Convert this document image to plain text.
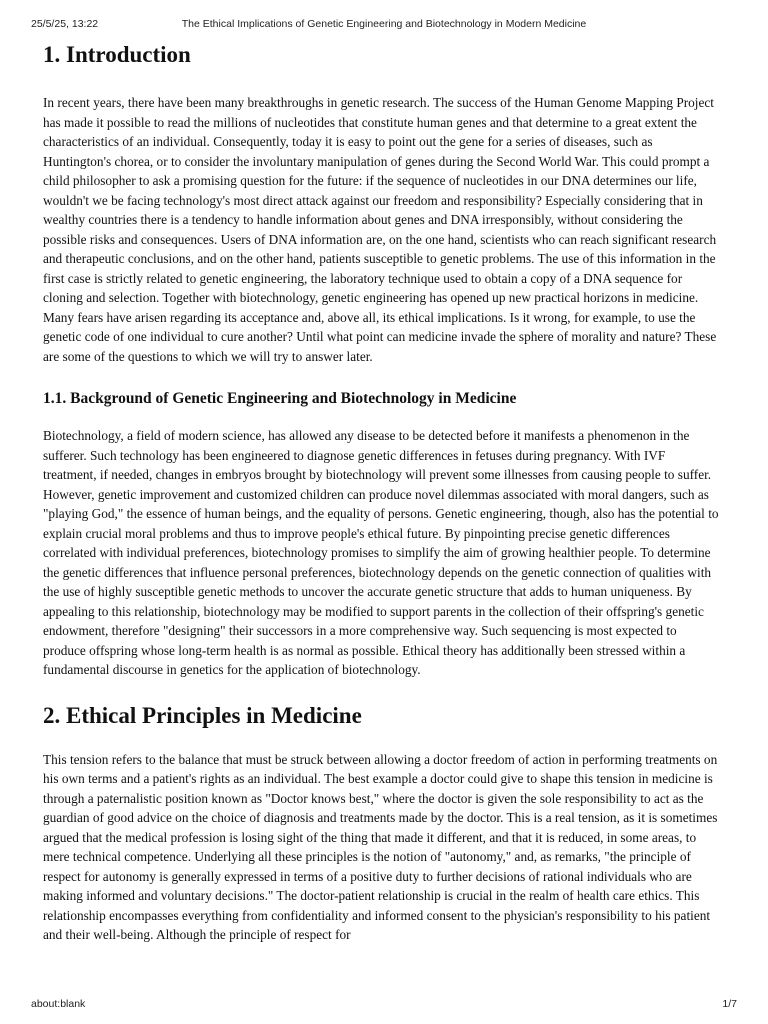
25/5/25, 13:22	The Ethical Implications of Genetic Engineering and Biotechnology in Modern Medicine
1. Introduction

In recent years, there have been many breakthroughs in genetic research. The success of the Human Genome Mapping Project has made it possible to read the millions of nucleotides that constitute human genes and that determine to a great extent the characteristics of an individual. Consequently, today it is easy to point out the gene for a series of diseases, such as Huntington's chorea, or to consider the involuntary manipulation of genes during the Second World War. This could prompt a child philosopher to ask a promising question for the future: if the sequence of nucleotides in our DNA determines our life, wouldn't we be facing technology's most direct attack against our freedom and responsibility? Especially considering that in wealthy countries there is a tendency to handle information about genes and DNA irresponsibly, without considering the possible risks and consequences. Users of DNA information are, on the one hand, scientists who can reach significant research and therapeutic conclusions, and on the other hand, patients susceptible to genetic problems. The use of this information in the first case is strictly related to genetic engineering, the laboratory technique used to obtain a copy of a DNA sequence for cloning and selection. Together with biotechnology, genetic engineering has opened up new practical horizons in medicine. Many fears have arisen regarding its acceptance and, above all, its ethical implications. Is it wrong, for example, to use the genetic code of one individual to cure another? Until what point can medicine invade the sphere of morality and nature? These are some of the questions to which we will try to answer later.

1.1. Background of Genetic Engineering and Biotechnology in Medicine

Biotechnology, a field of modern science, has allowed any disease to be detected before it manifests a phenomenon in the sufferer. Such technology has been engineered to diagnose genetic differences in fetuses during pregnancy. With IVF treatment, if needed, changes in embryos brought by biotechnology will prevent some illnesses from causing people to suffer. However, genetic improvement and customized children can produce novel dilemmas associated with moral dangers, such as "playing God," the essence of human beings, and the equality of persons. Genetic engineering, though, also has the potential to explain crucial moral problems and thus to improve people's ethical future. By pinpointing precise genetic differences correlated with individual preferences, biotechnology promises to simplify the aim of growing healthier people. To determine the genetic differences that influence personal preferences, biotechnology depends on the genetic connection of qualities with the use of highly susceptible genetic methods to uncover the accurate genetic structure that adds to human uniqueness. By appealing to this relationship, biotechnology may be modified to support parents in the collection of their offspring's genetic endowment, therefore "designing" their successors in a more comprehensive way. Such sequencing is most expected to produce offspring whose long-term health is as normal as possible. Ethical theory has additionally been stressed within a fundamental discourse in genetics for the application of biotechnology.

2. Ethical Principles in Medicine

This tension refers to the balance that must be struck between allowing a doctor freedom of action in performing treatments on his own terms and a patient's rights as an individual. The best example a doctor could give to shape this tension in medicine is through a paternalistic position known as "Doctor knows best," where the doctor is given the sole responsibility to act as the guardian of good advice on the choice of diagnosis and treatments made by the doctor. This is a real tension, as it is sometimes argued that the medical profession is losing sight of the thing that made it different, and that it is reduced, in some areas, to mere technical competence. Underlying all these principles is the notion of "autonomy," and, as remarks, "the principle of respect for autonomy is generally expressed in terms of a positive duty to further decisions of rational individuals who are making informed and voluntary decisions." The doctor-patient relationship is crucial in the realm of health care ethics. This relationship encompasses everything from confidentiality and informed consent to the physician's responsibility to his patient and their well-being. Although the principle of respect for

about:blank	1/7
